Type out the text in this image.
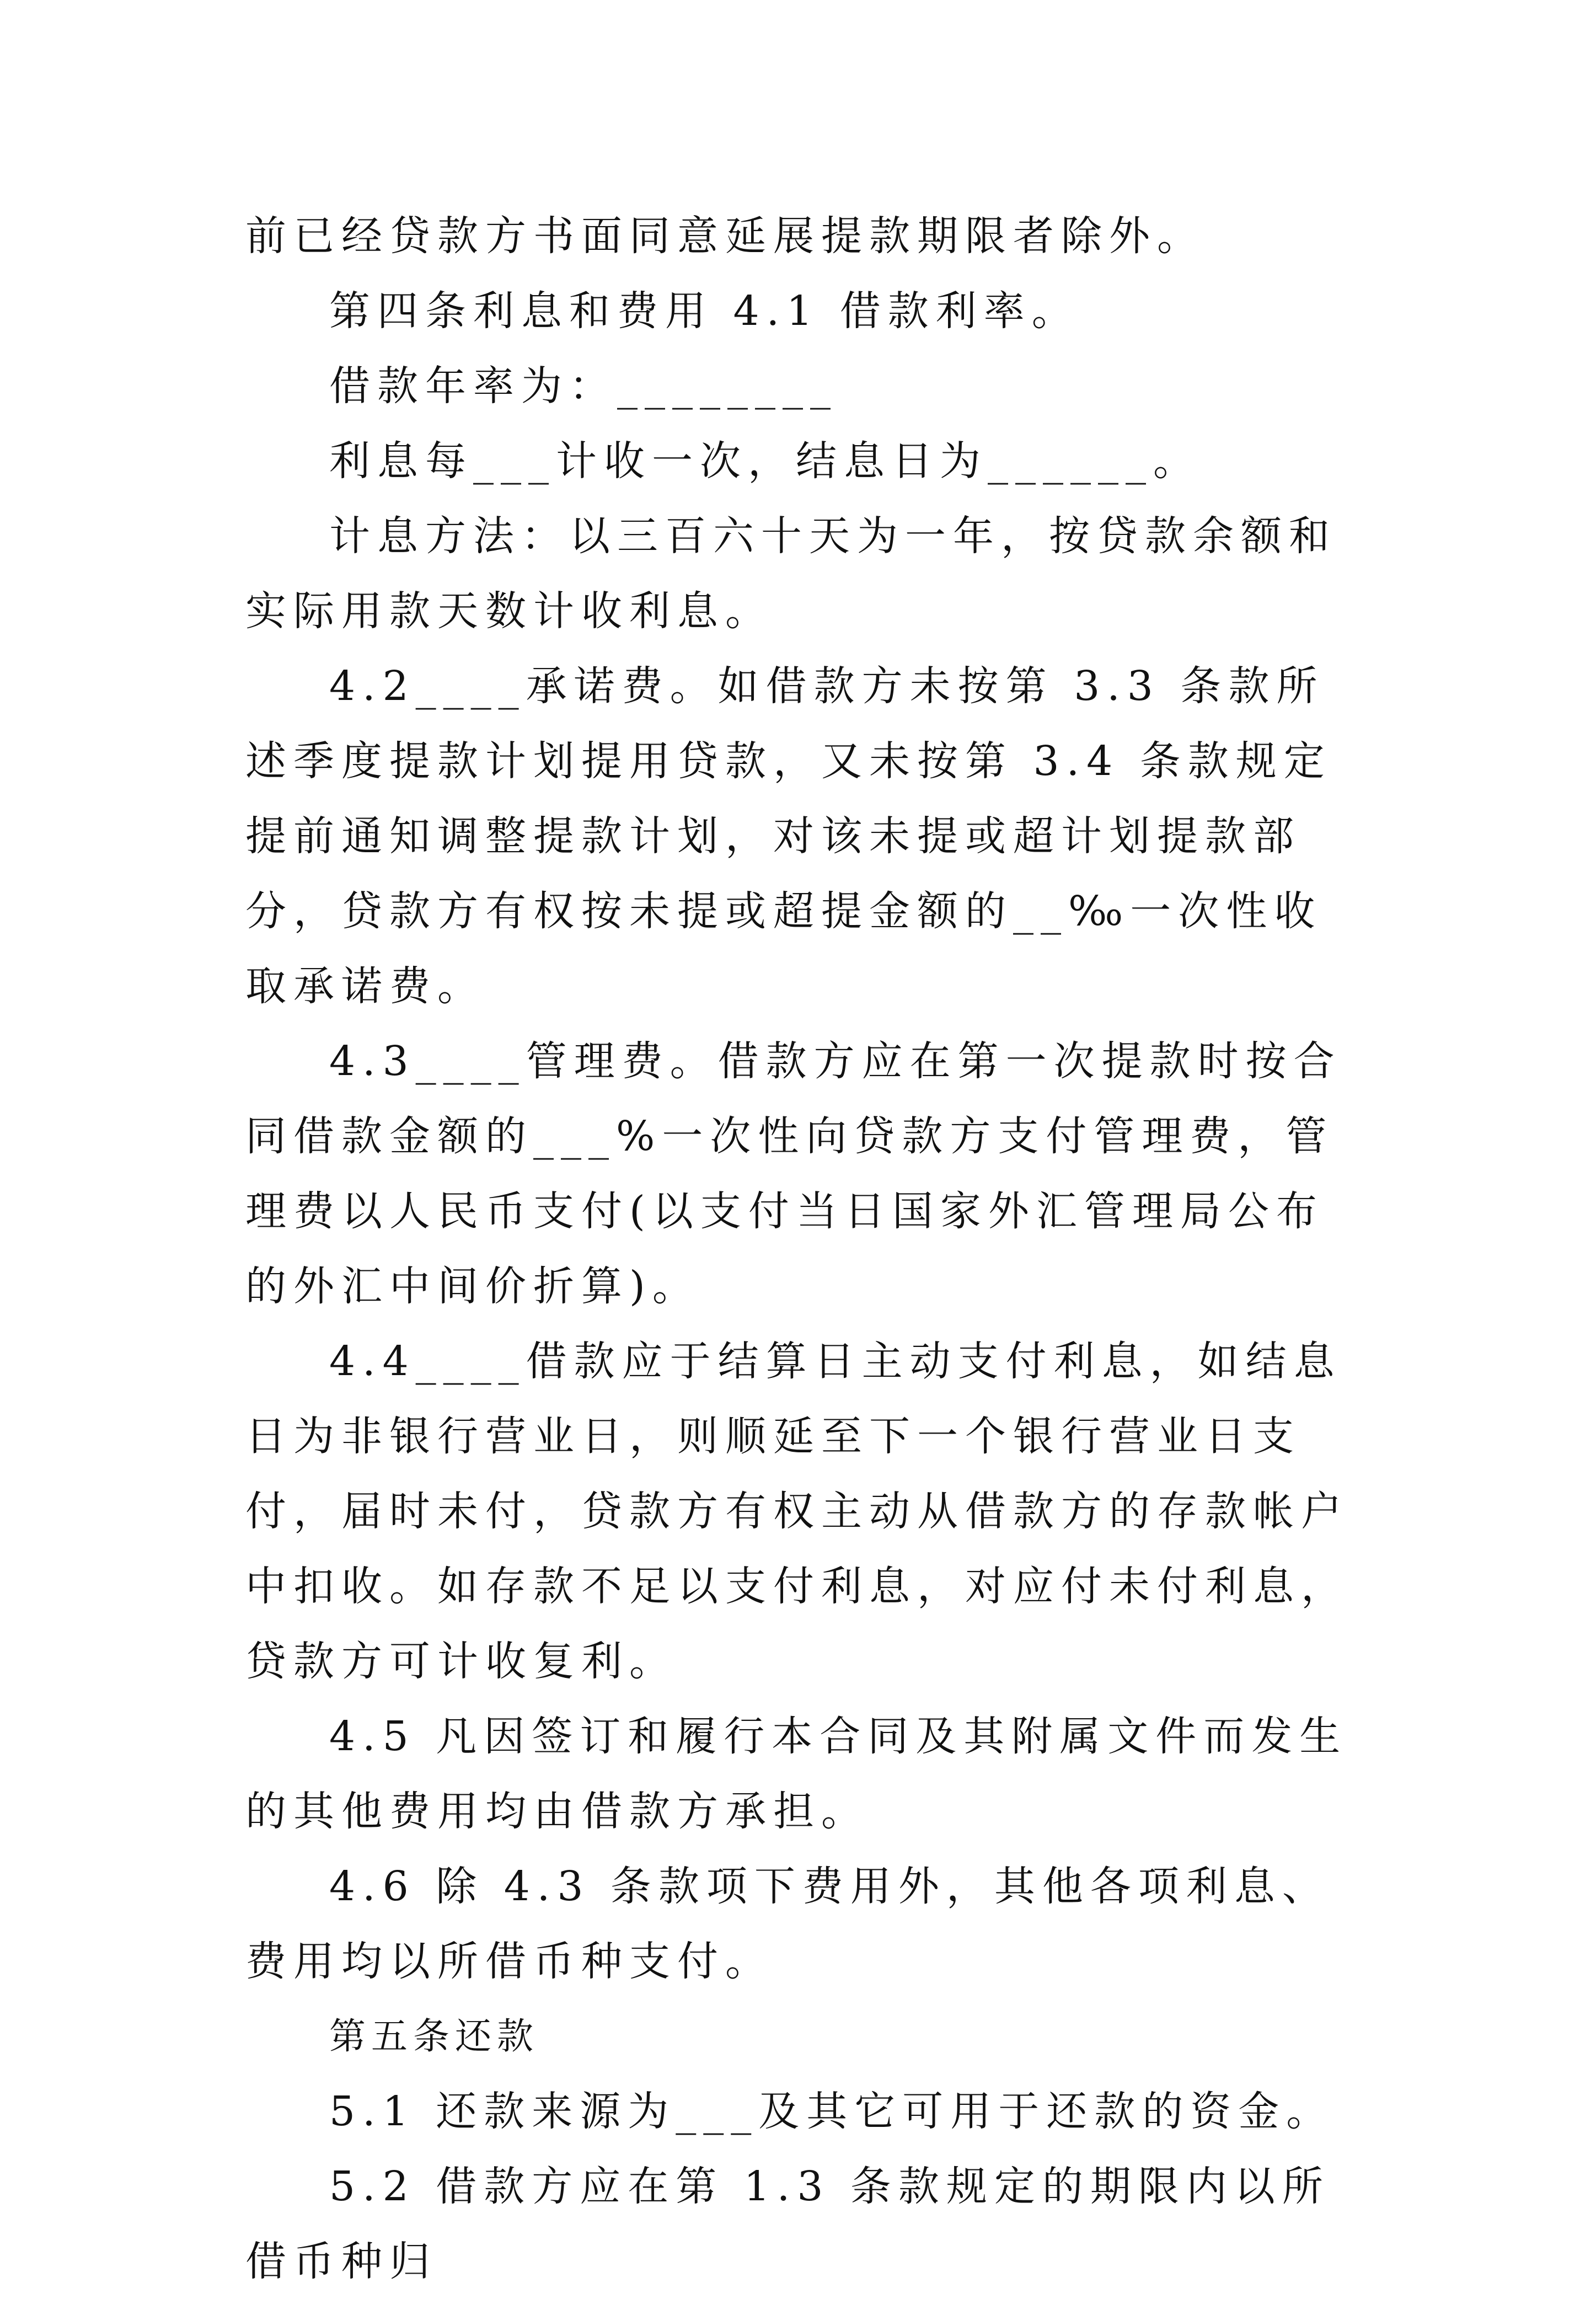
前已经贷款方书面同意延展提款期限者除外。

第四条利息和费用 4.1 借款利率。

借款年率为：________

利息每___计收一次，结息日为______。

计息方法：以三百六十天为一年，按贷款余额和实际用款天数计收利息。

4.2____承诺费。如借款方未按第 3.3 条款所述季度提款计划提用贷款，又未按第 3.4 条款规定提前通知调整提款计划，对该未提或超计划提款部分，贷款方有权按未提或超提金额的__‰一次性收取承诺费。

4.3____管理费。借款方应在第一次提款时按合同借款金额的___%一次性向贷款方支付管理费，管理费以人民币支付(以支付当日国家外汇管理局公布的外汇中间价折算)。

4.4____借款应于结算日主动支付利息，如结息日为非银行营业日，则顺延至下一个银行营业日支付，届时未付，贷款方有权主动从借款方的存款帐户中扣收。如存款不足以支付利息，对应付未付利息，贷款方可计收复利。

4.5 凡因签订和履行本合同及其附属文件而发生的其他费用均由借款方承担。

4.6 除 4.3 条款项下费用外，其他各项利息、费用均以所借币种支付。

第五条还款

5.1 还款来源为___及其它可用于还款的资金。

5.2 借款方应在第 1.3 条款规定的期限内以所借币种归
